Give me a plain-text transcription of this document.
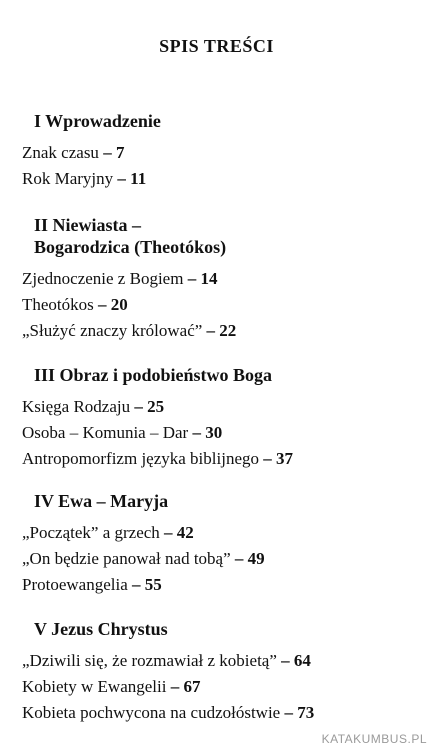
SPIS TREŚCI
I Wprowadzenie
Znak czasu – 7
Rok Maryjny – 11
II Niewiasta –
Bogarodzica (Theotókos)
Zjednoczenie z Bogiem – 14
Theotókos – 20
„Służyć znaczy królować” – 22
III Obraz i podobieństwo Boga
Księga Rodzaju – 25
Osoba – Komunia – Dar – 30
Antropomorfizm języka biblijnego – 37
IV Ewa – Maryja
„Początek” a grzech – 42
„On będzie panował nad tobą” – 49
Protoewangelia – 55
V Jezus Chrystus
„Dziwili się, że rozmawiał z kobietą” – 64
Kobiety w Ewangelii – 67
Kobieta pochwycona na cudzołóstwie – 73
KATAKUMBUS.PL
